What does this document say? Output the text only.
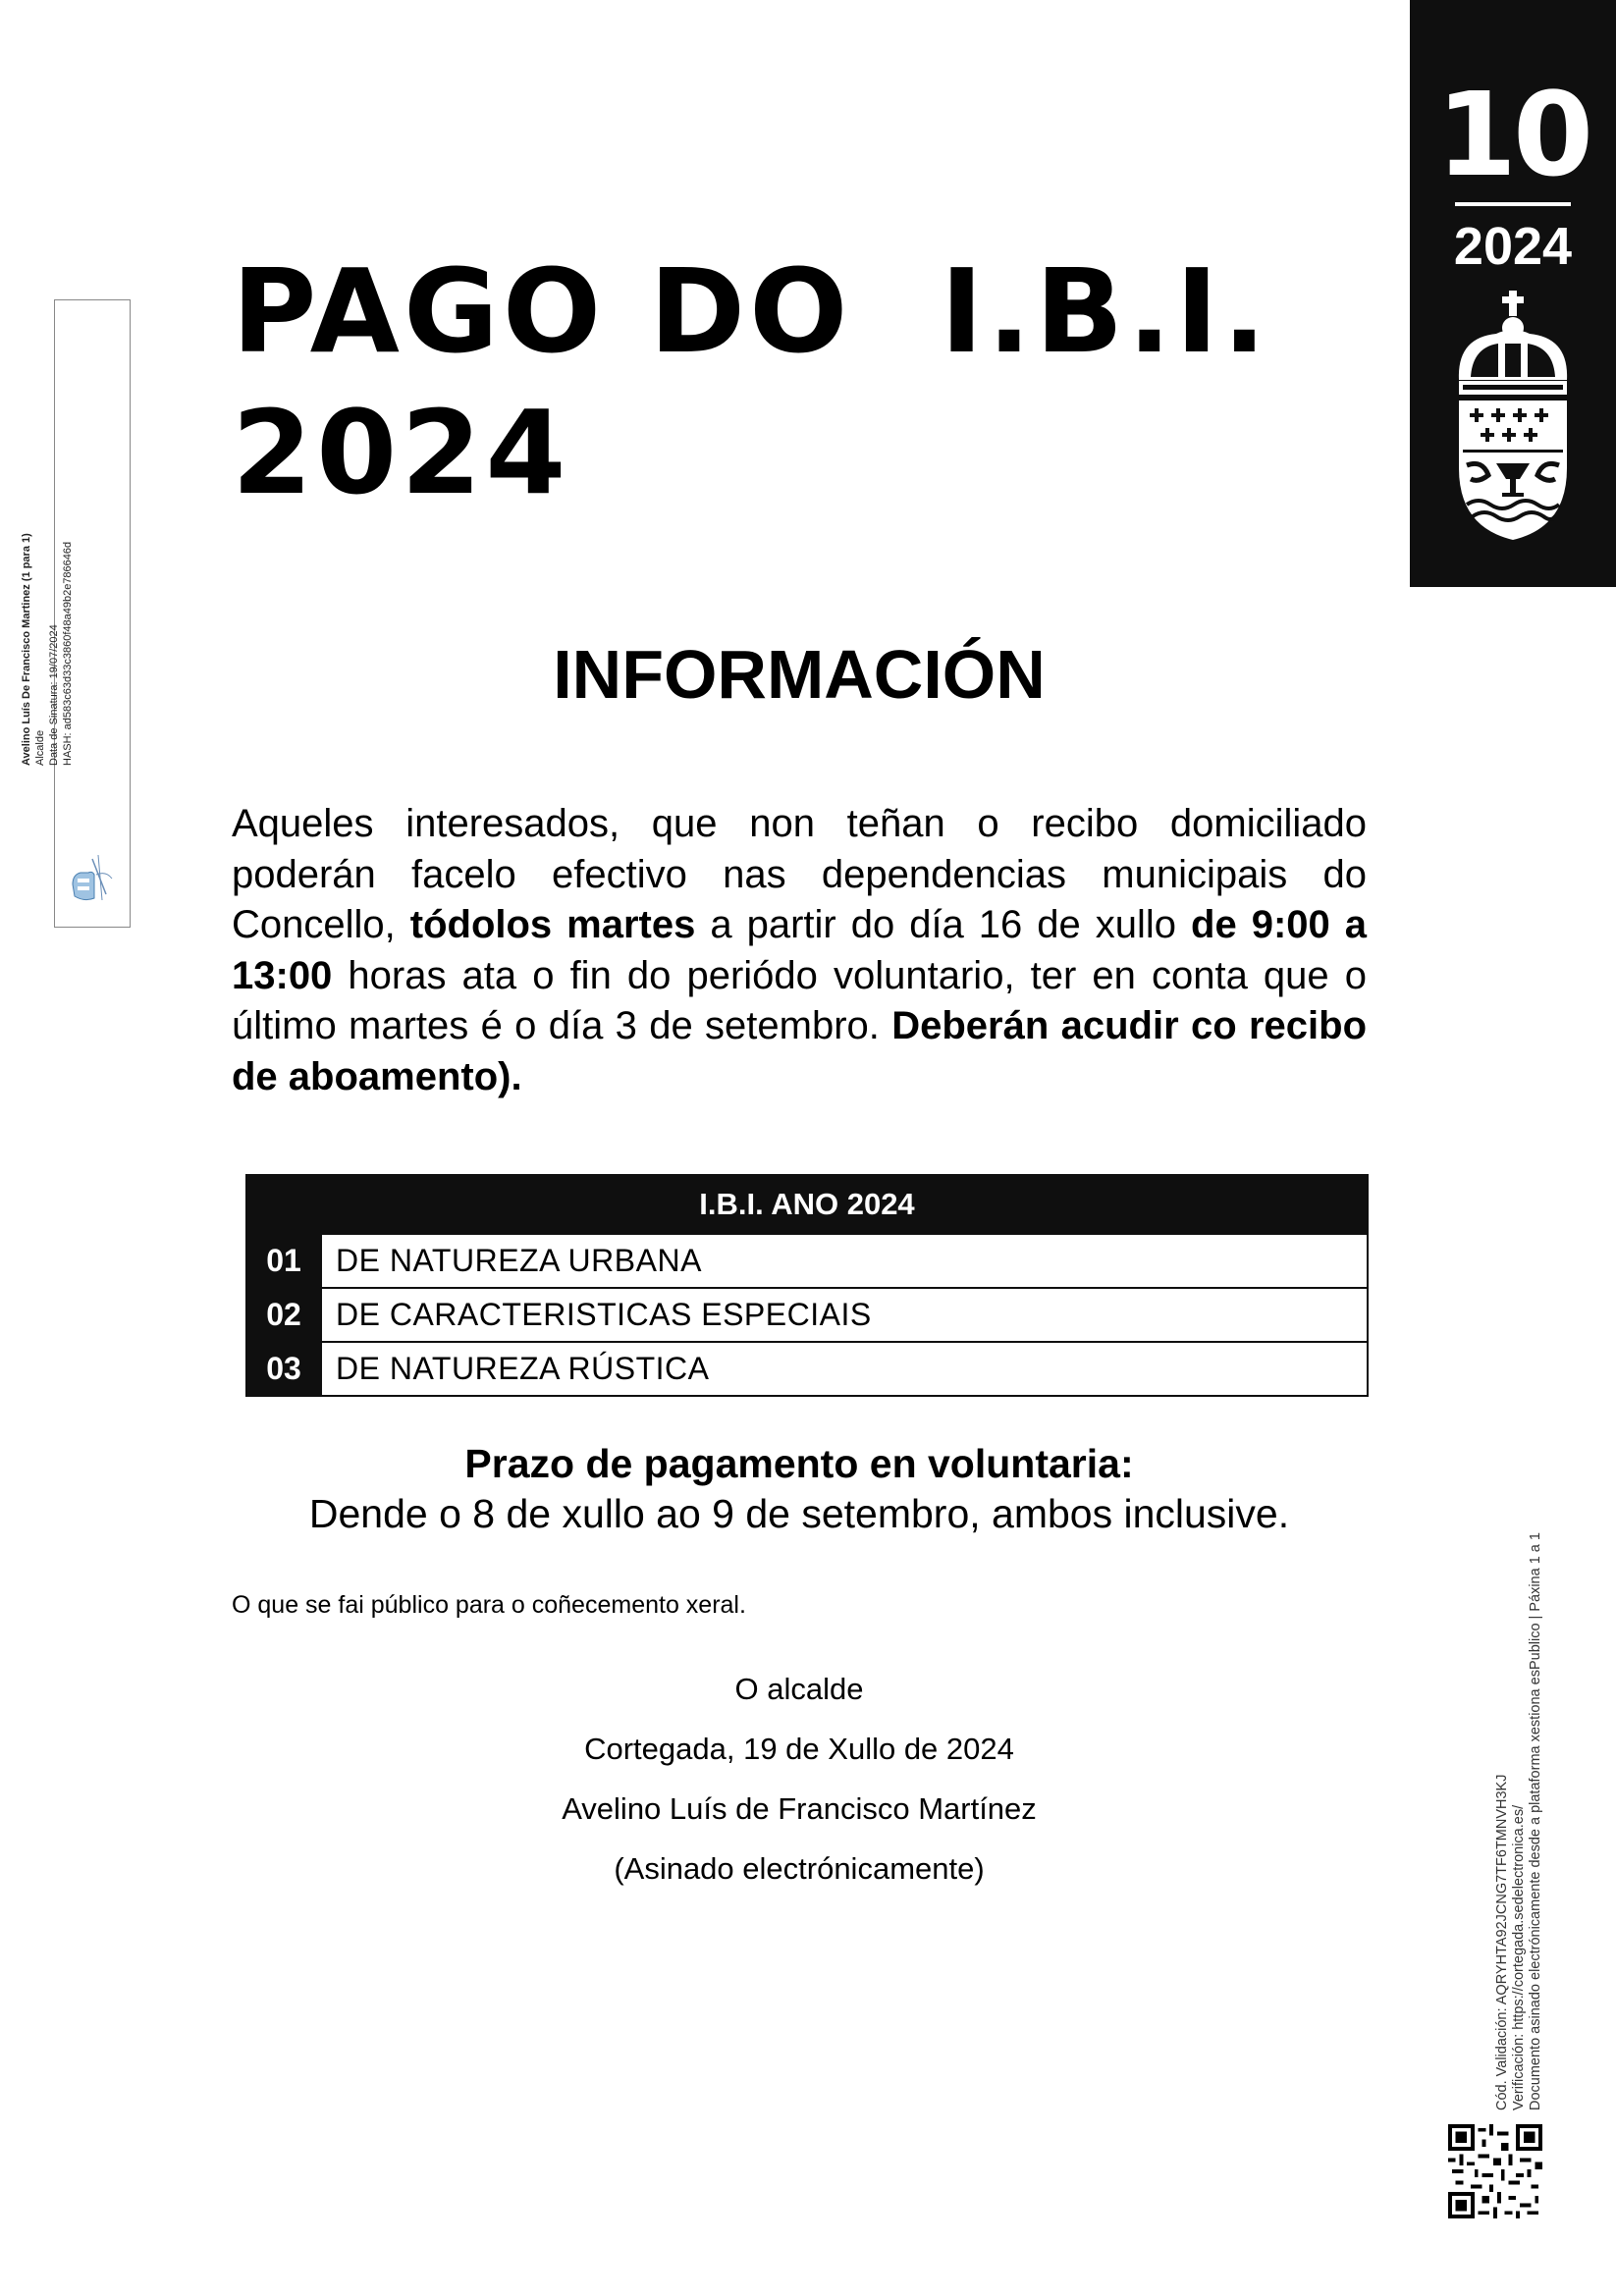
10
2024
Avelino Luís De Francisco Martinez (1 para 1) Alcalde Data de Sinatura: 19/07/2024 HASH: ad583c63d33c3860f48a49b2e786646d
PAGO DO  I.B.I.
2024
INFORMACIÓN

Aqueles interesados, que non teñan o recibo domiciliado poderán facelo efectivo nas dependencias municipais do Concello, tódolos martes a partir do día 16 de xullo de 9:00 a 13:00 horas ata o fin do periódo voluntario, ter en conta que o último martes é o día 3 de setembro. Deberán acudir co recibo de aboamento).

I.B.I. ANO 2024	
01	DE NATUREZA URBANA
02	DE CARACTERISTICAS ESPECIAIS
03	DE NATUREZA RÚSTICA
Prazo de pagamento en voluntaria:
Dende o 8 de xullo ao 9 de setembro, ambos inclusive.
O que se fai público para o coñecemento xeral.
O alcalde
Cortegada, 19 de Xullo de 2024
Avelino Luís de Francisco Martínez
(Asinado electrónicamente)	Cód. Validación: AQRYHTA92JCNG7TF6TMNVH3KJ Verificación: https://cortegada.sedelectronica.es/ Documento asinado electrónicamente desde a plataforma xestiona esPublico | Páxina 1 a 1
